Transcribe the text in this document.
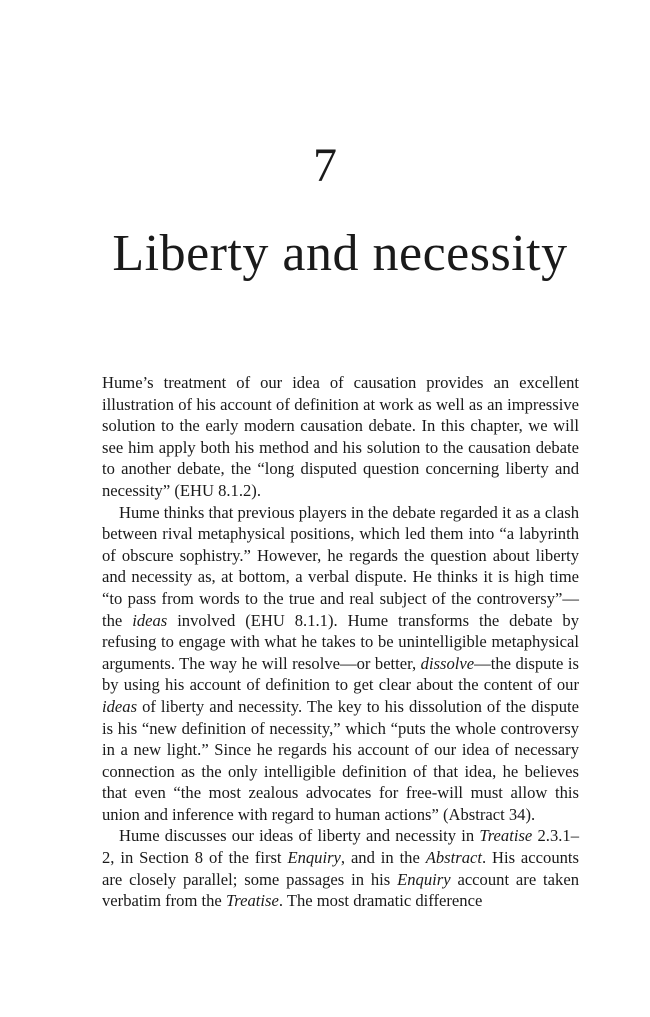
7
Liberty and necessity

Hume’s treatment of our idea of causation provides an excellent illustration of his account of definition at work as well as an impressive solution to the early modern causation debate. In this chapter, we will see him apply both his method and his solution to the causation debate to another debate, the “long disputed question concerning liberty and necessity” (EHU 8.1.2).

Hume thinks that previous players in the debate regarded it as a clash between rival metaphysical positions, which led them into “a labyrinth of obscure sophistry.” However, he regards the question about liberty and necessity as, at bottom, a verbal dispute. He thinks it is high time “to pass from words to the true and real subject of the controversy”—the ideas involved (EHU 8.1.1). Hume transforms the debate by refusing to engage with what he takes to be unintelligible metaphysical arguments. The way he will resolve—or better, dissolve—the dispute is by using his account of definition to get clear about the content of our ideas of liberty and necessity. The key to his dissolution of the dispute is his “new definition of necessity,” which “puts the whole controversy in a new light.” Since he regards his account of our idea of necessary connection as the only intelligible definition of that idea, he believes that even “the most zealous advocates for free-will must allow this union and inference with regard to human actions” (Abstract 34).

Hume discusses our ideas of liberty and necessity in Treatise 2.3.1–2, in Section 8 of the first Enquiry, and in the Abstract. His accounts are closely parallel; some passages in his Enquiry account are taken verbatim from the Treatise. The most dramatic difference
